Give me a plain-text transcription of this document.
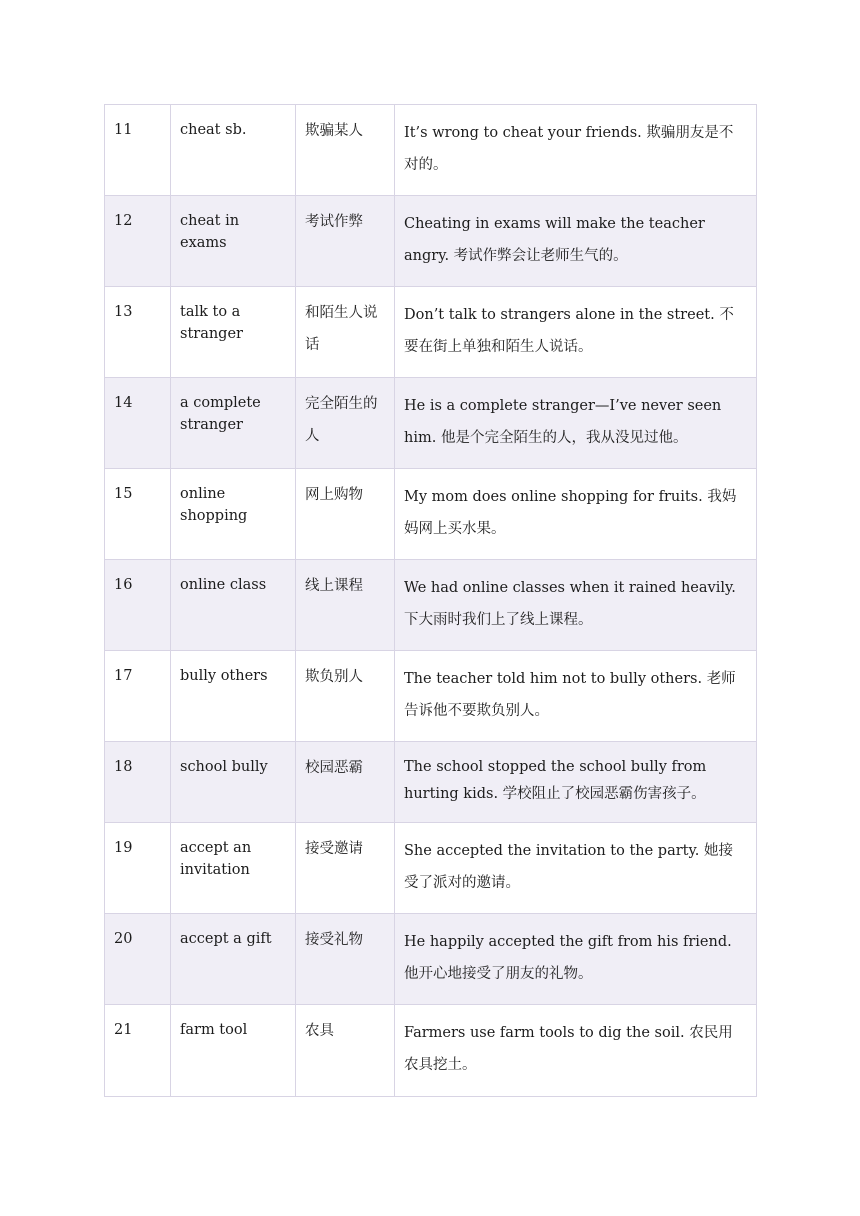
11	cheat sb.	欺骗某人	It’s wrong to cheat your friends. 欺骗朋友是不对的。
12	cheat in exams	考试作弊	Cheating in exams will make the teacher angry. 考试作弊会让老师生气的。
13	talk to a stranger	和陌生人说话	Don’t talk to strangers alone in the street. 不要在街上单独和陌生人说话。
14	a complete stranger	完全陌生的人	He is a complete stranger—I’ve never seen him. 他是个完全陌生的人，我从没见过他。
15	online shopping	网上购物	My mom does online shopping for fruits. 我妈妈网上买水果。
16	online class	线上课程	We had online classes when it rained heavily. 下大雨时我们上了线上课程。
17	bully others	欺负别人	The teacher told him not to bully others. 老师告诉他不要欺负别人。
18	school bully	校园恶霸	The school stopped the school bully from hurting kids. 学校阻止了校园恶霸伤害孩子。
19	accept an invitation	接受邀请	She accepted the invitation to the party. 她接受了派对的邀请。
20	accept a gift	接受礼物	He happily accepted the gift from his friend. 他开心地接受了朋友的礼物。
21	farm tool	农具	Farmers use farm tools to dig the soil. 农民用农具挖土。
